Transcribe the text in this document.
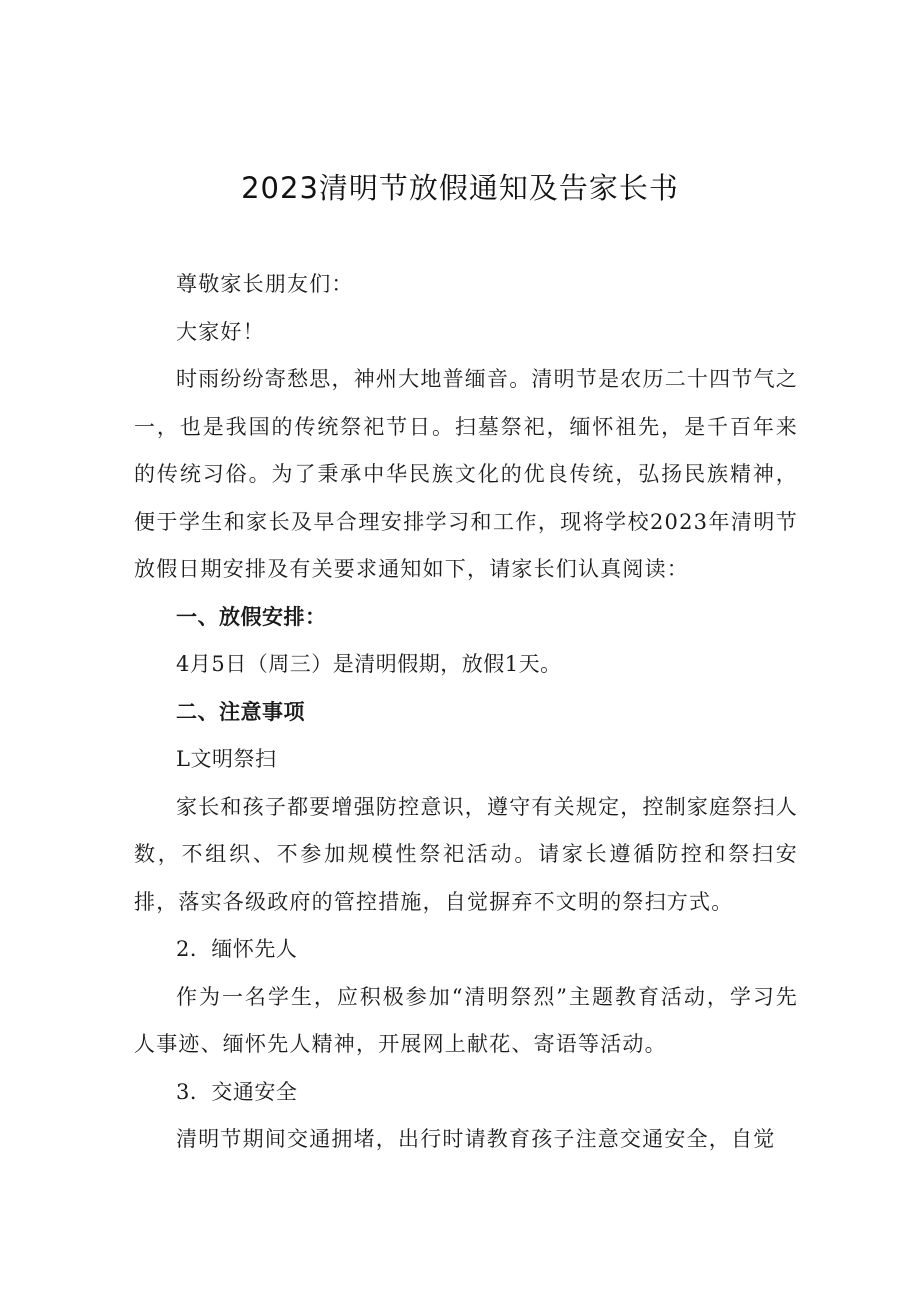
2023清明节放假通知及告家长书

尊敬家长朋友们：

大家好！

时雨纷纷寄愁思，神州大地普缅音。清明节是农历二十四节气之一，也是我国的传统祭祀节日。扫墓祭祀，缅怀祖先，是千百年来的传统习俗。为了秉承中华民族文化的优良传统，弘扬民族精神，便于学生和家长及早合理安排学习和工作，现将学校2023年清明节放假日期安排及有关要求通知如下，请家长们认真阅读：

一、放假安排：

4月5日（周三）是清明假期，放假1天。

二、注意事项

L文明祭扫

家长和孩子都要增强防控意识，遵守有关规定，控制家庭祭扫人数，不组织、不参加规模性祭祀活动。请家长遵循防控和祭扫安排，落实各级政府的管控措施，自觉摒弃不文明的祭扫方式。

2．缅怀先人

作为一名学生，应积极参加“清明祭烈”主题教育活动，学习先人事迹、缅怀先人精神，开展网上献花、寄语等活动。

3．交通安全

清明节期间交通拥堵，出行时请教育孩子注意交通安全，自觉
